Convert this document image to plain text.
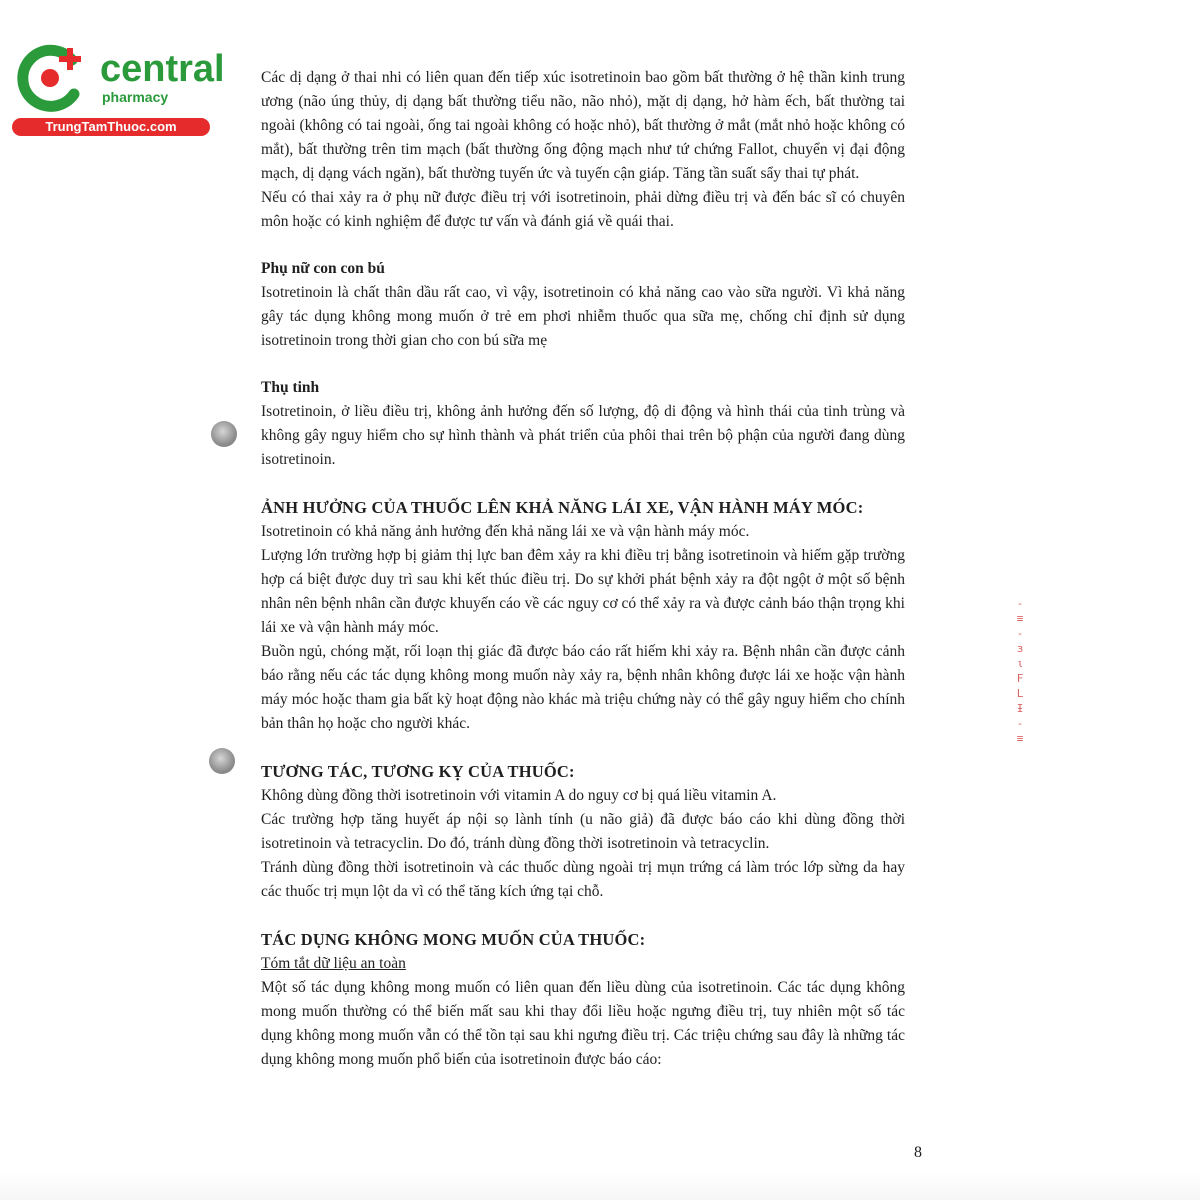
central
pharmacy
TrungTamThuoc.com
-
≡
-
ɜ
ι
F
L
Ɨ
-
≡

Các dị dạng ở thai nhi có liên quan đến tiếp xúc isotretinoin bao gồm bất thường ở hệ thần kinh trung ương (não úng thủy, dị dạng bất thường tiểu não, não nhỏ), mặt dị dạng, hở hàm ếch, bất thường tai ngoài (không có tai ngoài, ống tai ngoài không có hoặc nhỏ), bất thường ở mắt (mắt nhỏ hoặc không có mắt), bất thường trên tim mạch (bất thường ống động mạch như tứ chứng Fallot, chuyển vị đại động mạch, dị dạng vách ngăn), bất thường tuyến ức và tuyến cận giáp. Tăng tần suất sẩy thai tự phát.

Nếu có thai xảy ra ở phụ nữ được điều trị với isotretinoin, phải dừng điều trị và đến bác sĩ có chuyên môn hoặc có kinh nghiệm để được tư vấn và đánh giá về quái thai.

Phụ nữ con con bú

Isotretinoin là chất thân dầu rất cao, vì vậy, isotretinoin có khả năng cao vào sữa người. Vì khả năng gây tác dụng không mong muốn ở trẻ em phơi nhiễm thuốc qua sữa mẹ, chống chỉ định sử dụng isotretinoin trong thời gian cho con bú sữa mẹ

Thụ tinh

Isotretinoin, ở liều điều trị, không ảnh hưởng đến số lượng, độ di động và hình thái của tinh trùng và không gây nguy hiểm cho sự hình thành và phát triển của phôi thai trên bộ phận của người đang dùng isotretinoin.

ẢNH HƯỞNG CỦA THUỐC LÊN KHẢ NĂNG LÁI XE, VẬN HÀNH MÁY MÓC:

Isotretinoin có khả năng ảnh hưởng đến khả năng lái xe và vận hành máy móc.

Lượng lớn trường hợp bị giảm thị lực ban đêm xảy ra khi điều trị bằng isotretinoin và hiếm gặp trường hợp cá biệt được duy trì sau khi kết thúc điều trị. Do sự khởi phát bệnh xảy ra đột ngột ở một số bệnh nhân nên bệnh nhân cần được khuyến cáo về các nguy cơ có thể xảy ra và được cảnh báo thận trọng khi lái xe và vận hành máy móc.

Buồn ngủ, chóng mặt, rối loạn thị giác đã được báo cáo rất hiếm khi xảy ra. Bệnh nhân cần được cảnh báo rằng nếu các tác dụng không mong muốn này xảy ra, bệnh nhân không được lái xe hoặc vận hành máy móc hoặc tham gia bất kỳ hoạt động nào khác mà triệu chứng này có thể gây nguy hiểm cho chính bản thân họ hoặc cho người khác.

TƯƠNG TÁC, TƯƠNG KỴ CỦA THUỐC:

Không dùng đồng thời isotretinoin với vitamin A do nguy cơ bị quá liều vitamin A.

Các trường hợp tăng huyết áp nội sọ lành tính (u não giả) đã được báo cáo khi dùng đồng thời isotretinoin và tetracyclin. Do đó, tránh dùng đồng thời isotretinoin và tetracyclin.

Tránh dùng đồng thời isotretinoin và các thuốc dùng ngoài trị mụn trứng cá làm tróc lớp sừng da hay các thuốc trị mụn lột da vì có thể tăng kích ứng tại chỗ.

TÁC DỤNG KHÔNG MONG MUỐN CỦA THUỐC:

Tóm tắt dữ liệu an toàn

Một số tác dụng không mong muốn có liên quan đến liều dùng của isotretinoin. Các tác dụng không mong muốn thường có thể biến mất sau khi thay đổi liều hoặc ngưng điều trị, tuy nhiên một số tác dụng không mong muốn vẫn có thể tồn tại sau khi ngưng điều trị. Các triệu chứng sau đây là những tác dụng không mong muốn phổ biến của isotretinoin được báo cáo:

8
